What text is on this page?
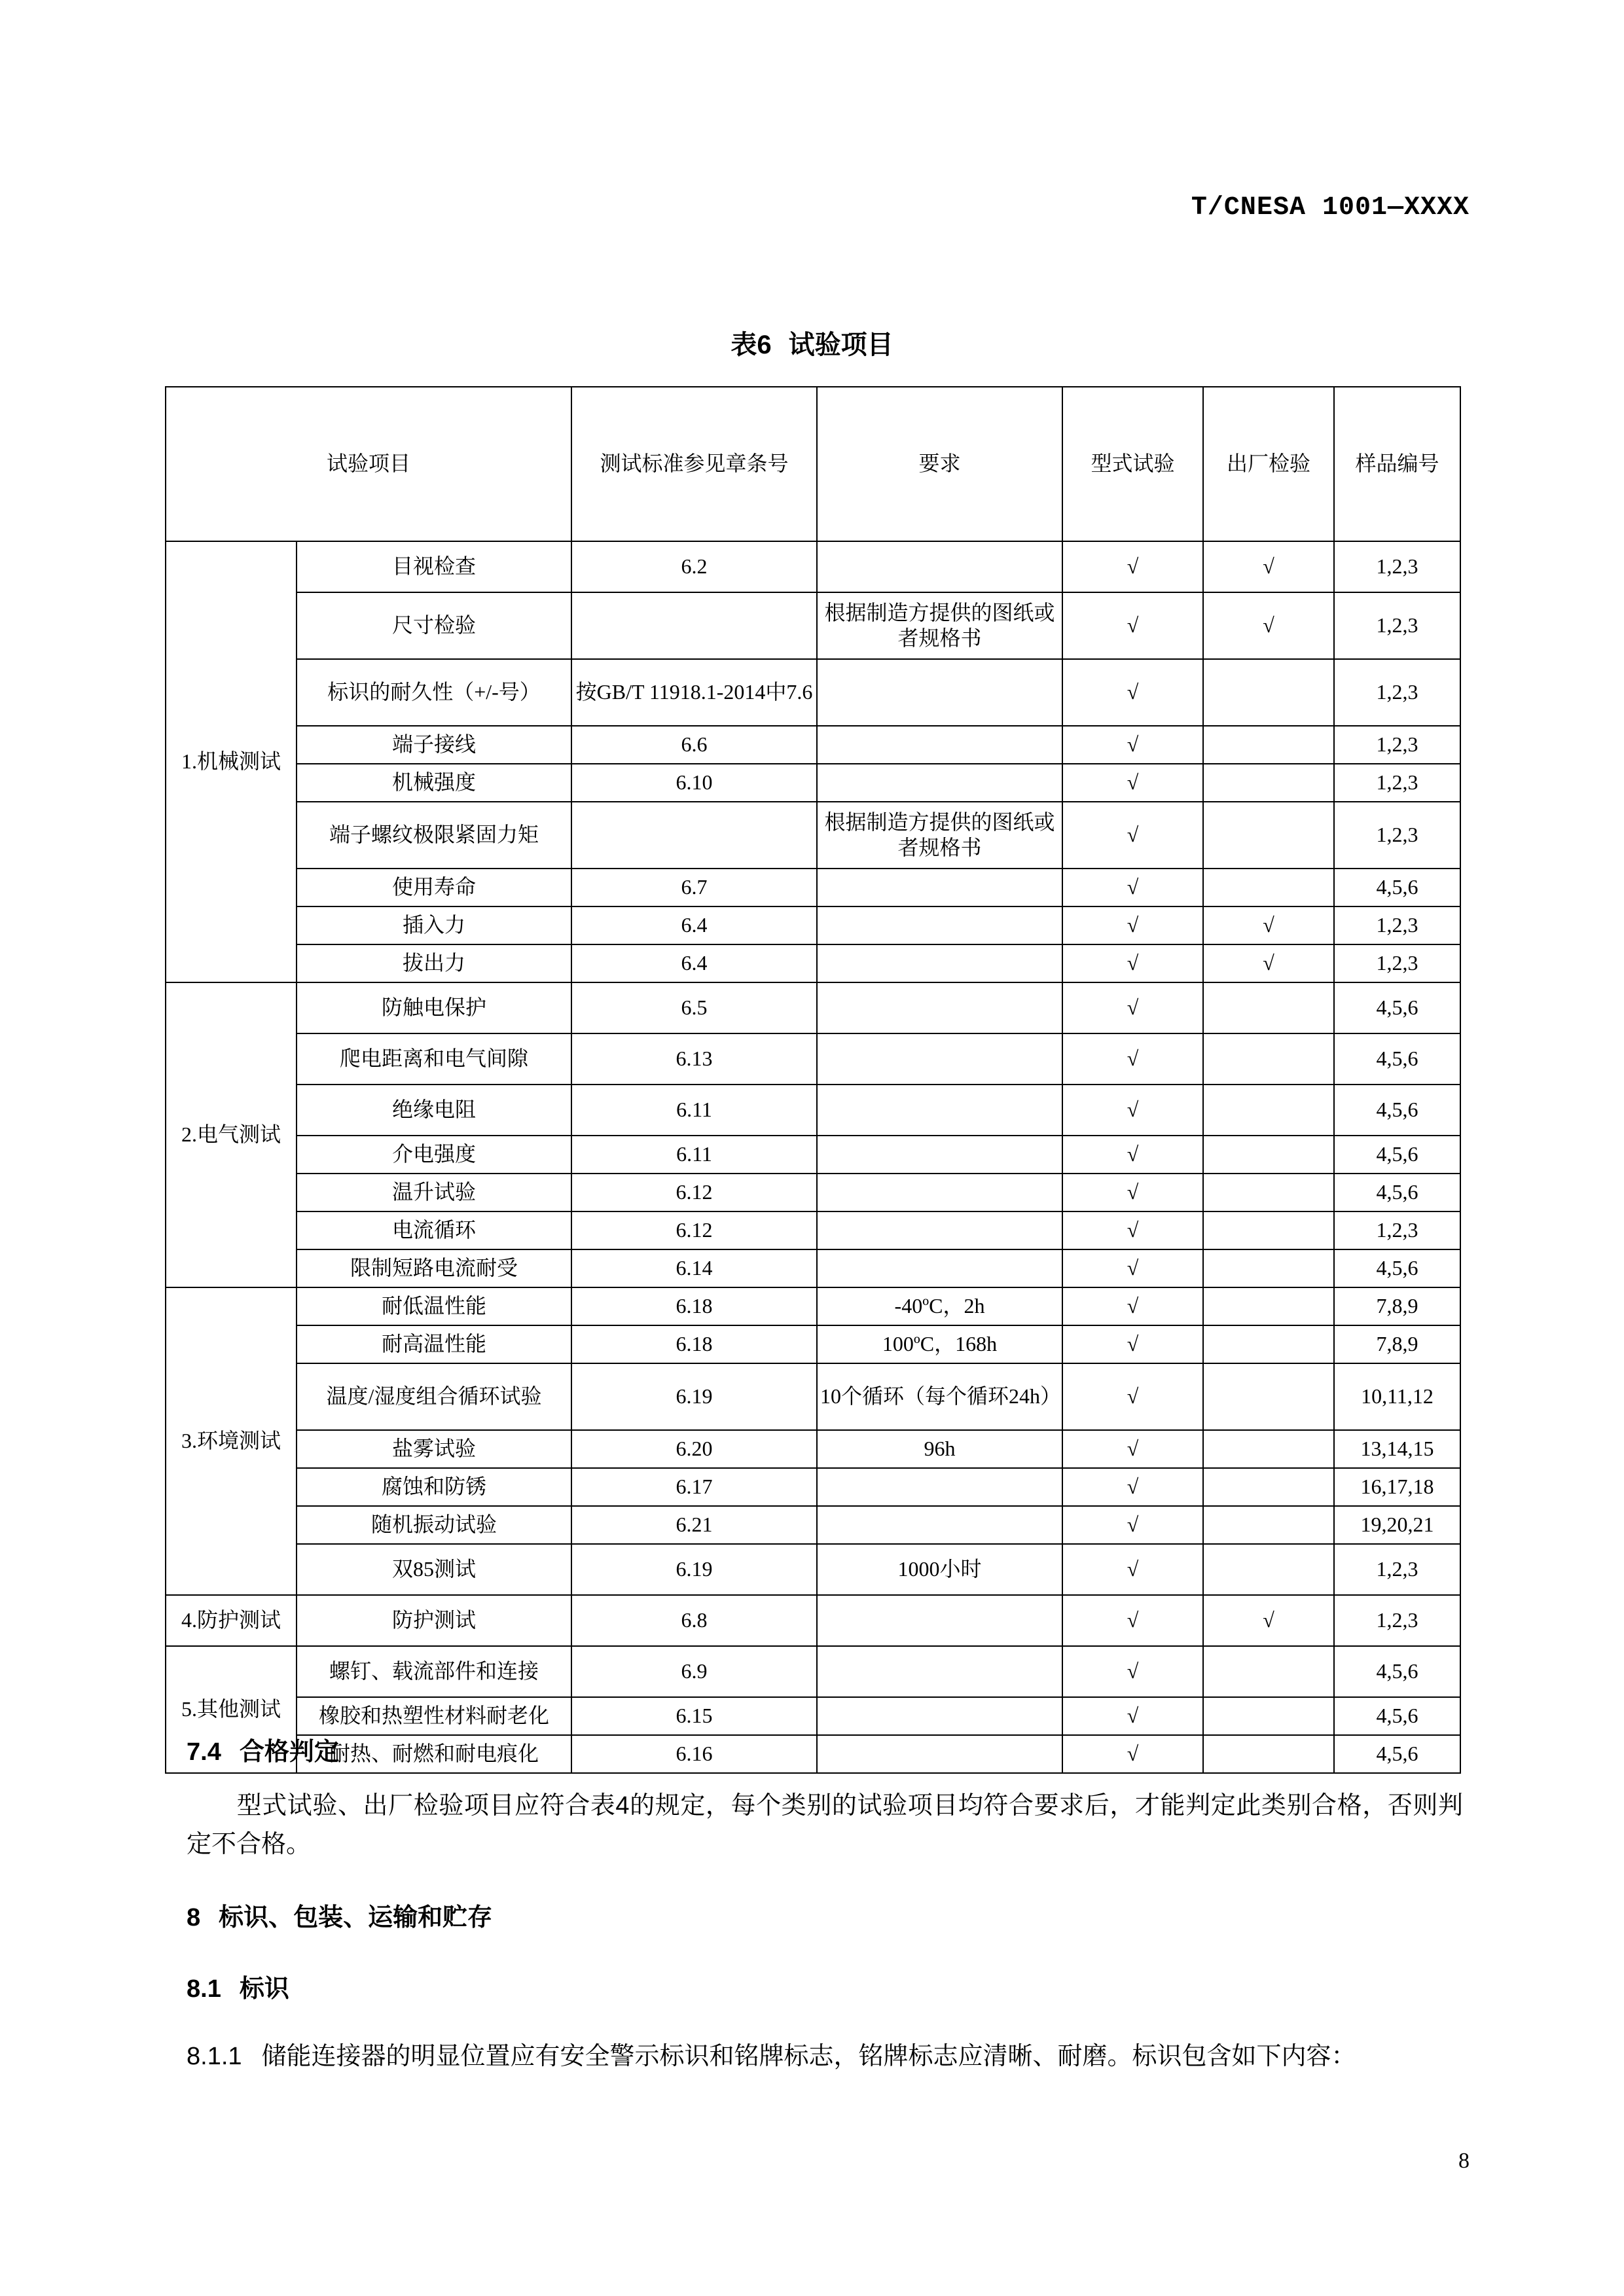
T/CNESA 1001—XXXX
表6 试验项目
试验项目		测试标准参见章条号	要求	型式试验	出厂检验	样品编号
1.机械测试	目视检查	6.2		√	√	1,2,3
	尺寸检验		根据制造方提供的图纸或者规格书	√	√	1,2,3
	标识的耐久性（+/-号）	按GB/T 11918.1-2014中7.6		√		1,2,3
	端子接线	6.6		√		1,2,3
	机械强度	6.10		√		1,2,3
	端子螺纹极限紧固力矩		根据制造方提供的图纸或者规格书	√		1,2,3
	使用寿命	6.7		√		4,5,6
	插入力	6.4		√	√	1,2,3
	拔出力	6.4		√	√	1,2,3
2.电气测试	防触电保护	6.5		√		4,5,6
	爬电距离和电气间隙	6.13		√		4,5,6
	绝缘电阻	6.11		√		4,5,6
	介电强度	6.11		√		4,5,6
	温升试验	6.12		√		4,5,6
	电流循环	6.12		√		1,2,3
	限制短路电流耐受	6.14		√		4,5,6
3.环境测试	耐低温性能	6.18	-40ºC，2h	√		7,8,9
	耐高温性能	6.18	100ºC，168h	√		7,8,9
	温度/湿度组合循环试验	6.19	10个循环（每个循环24h）	√		10,11,12
	盐雾试验	6.20	96h	√		13,14,15
	腐蚀和防锈	6.17		√		16,17,18
	随机振动试验	6.21		√		19,20,21
	双85测试	6.19	1000小时	√		1,2,3
4.防护测试	防护测试	6.8		√	√	1,2,3
5.其他测试	螺钉、载流部件和连接	6.9		√		4,5,6
	橡胶和热塑性材料耐老化	6.15		√		4,5,6
	耐热、耐燃和耐电痕化	6.16		√		4,5,6
7.4 合格判定
型式试验、出厂检验项目应符合表4的规定，每个类别的试验项目均符合要求后，才能判定此类别合格，否则判定不合格。
8 标识、包装、运输和贮存
8.1 标识
8.1.1 储能连接器的明显位置应有安全警示标识和铭牌标志，铭牌标志应清晰、耐磨。标识包含如下内容：
8
